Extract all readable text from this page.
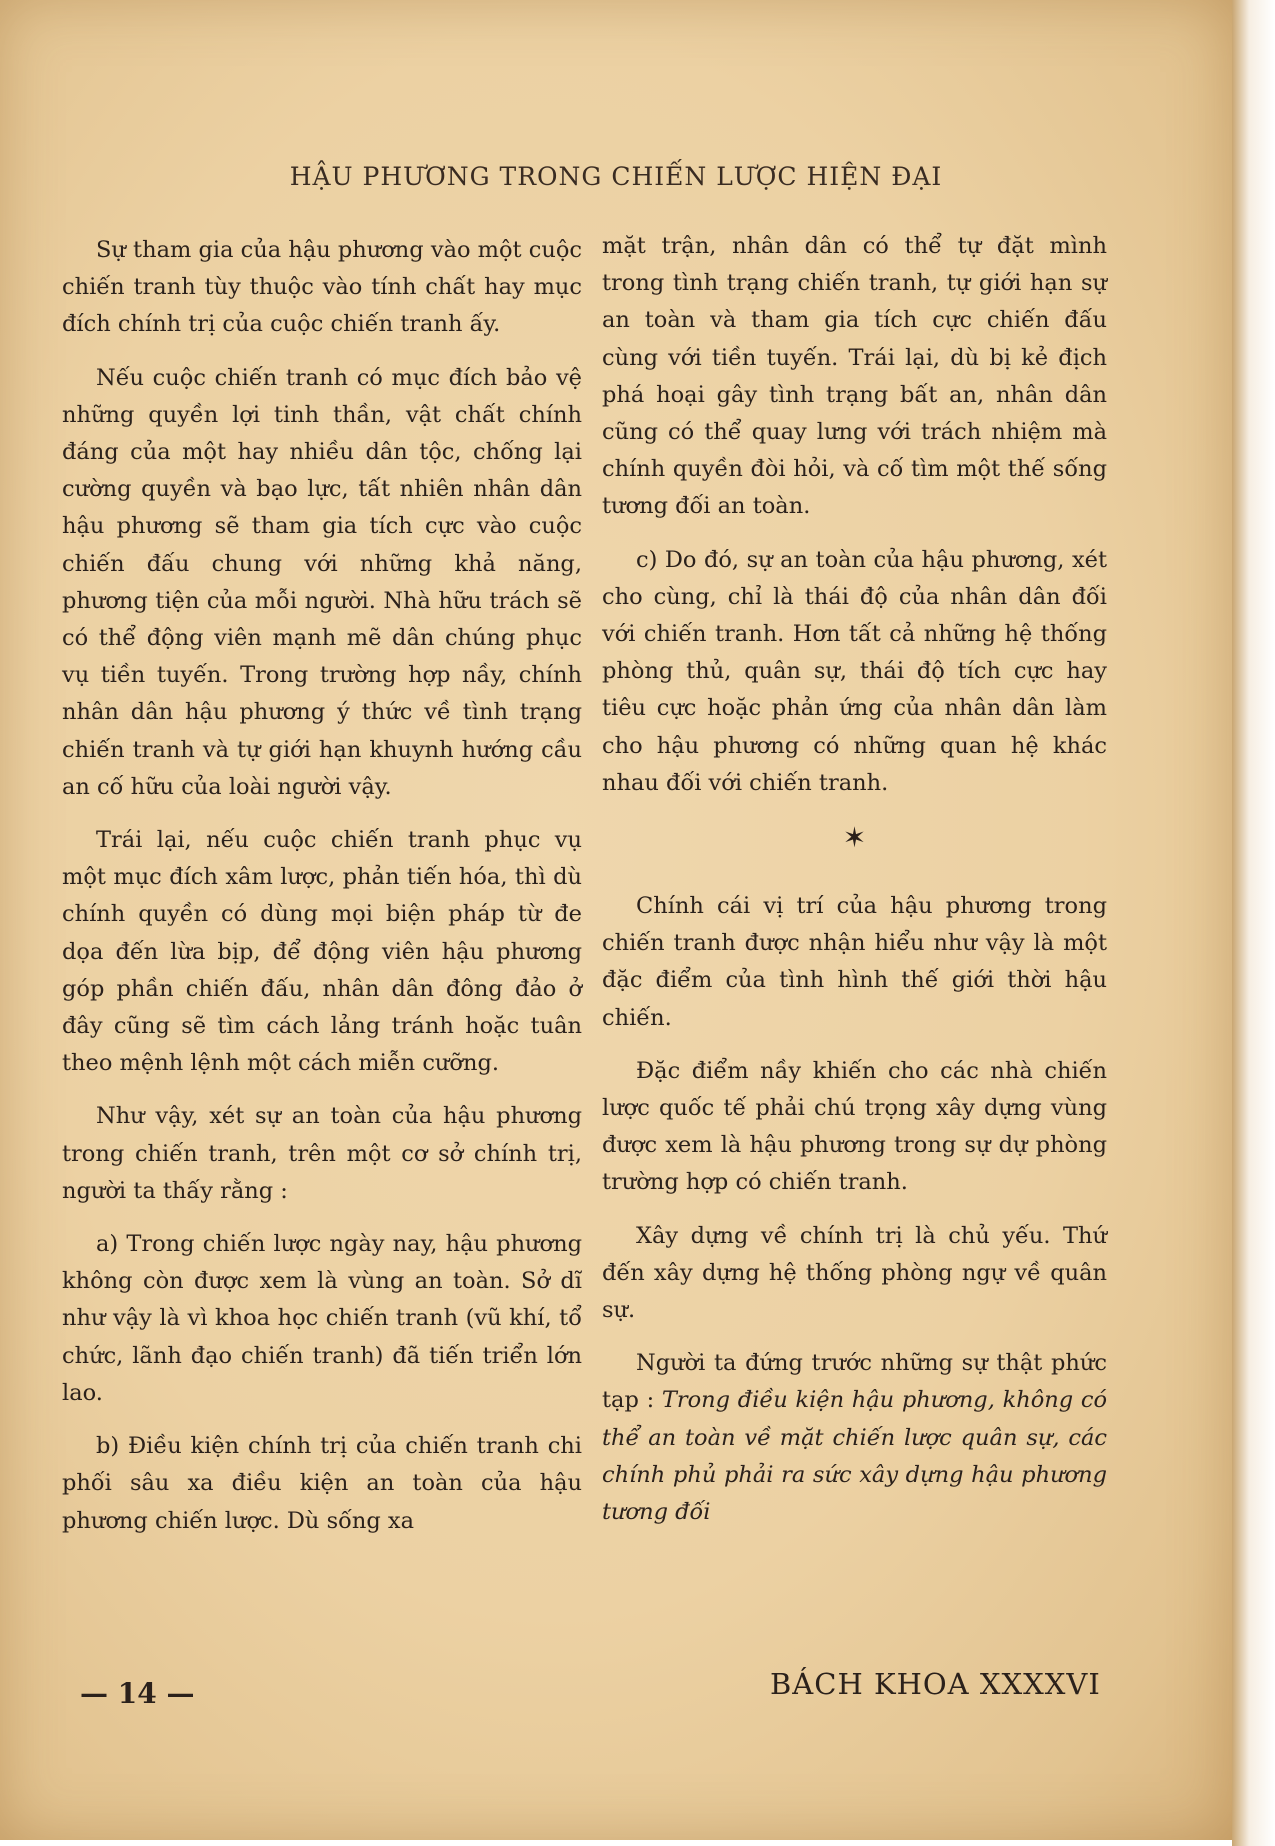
HẬU PHƯƠNG TRONG CHIẾN LƯỢC HIỆN ĐẠI

Sự tham gia của hậu phương vào một cuộc chiến tranh tùy thuộc vào tính chất hay mục đích chính trị của cuộc chiến tranh ấy.

Nếu cuộc chiến tranh có mục đích bảo vệ những quyền lợi tinh thần, vật chất chính đáng của một hay nhiều dân tộc, chống lại cường quyền và bạo lực, tất nhiên nhân dân hậu phương sẽ tham gia tích cực vào cuộc chiến đấu chung với những khả năng, phương tiện của mỗi người. Nhà hữu trách sẽ có thể động viên mạnh mẽ dân chúng phục vụ tiền tuyến. Trong trường hợp nầy, chính nhân dân hậu phương ý thức về tình trạng chiến tranh và tự giới hạn khuynh hướng cầu an cố hữu của loài người vậy.

Trái lại, nếu cuộc chiến tranh phục vụ một mục đích xâm lược, phản tiến hóa, thì dù chính quyền có dùng mọi biện pháp từ đe dọa đến lừa bịp, để động viên hậu phương góp phần chiến đấu, nhân dân đông đảo ở đây cũng sẽ tìm cách lảng tránh hoặc tuân theo mệnh lệnh một cách miễn cưỡng.

Như vậy, xét sự an toàn của hậu phương trong chiến tranh, trên một cơ sở chính trị, người ta thấy rằng :

a) Trong chiến lược ngày nay, hậu phương không còn được xem là vùng an toàn. Sở dĩ như vậy là vì khoa học chiến tranh (vũ khí, tổ chức, lãnh đạo chiến tranh) đã tiến triển lớn lao.

b) Điều kiện chính trị của chiến tranh chi phối sâu xa điều kiện an toàn của hậu phương chiến lược. Dù sống xa

mặt trận, nhân dân có thể tự đặt mình trong tình trạng chiến tranh, tự giới hạn sự an toàn và tham gia tích cực chiến đấu cùng với tiền tuyến. Trái lại, dù bị kẻ địch phá hoại gây tình trạng bất an, nhân dân cũng có thể quay lưng với trách nhiệm mà chính quyền đòi hỏi, và cố tìm một thế sống tương đối an toàn.

c) Do đó, sự an toàn của hậu phương, xét cho cùng, chỉ là thái độ của nhân dân đối với chiến tranh. Hơn tất cả những hệ thống phòng thủ, quân sự, thái độ tích cực hay tiêu cực hoặc phản ứng của nhân dân làm cho hậu phương có những quan hệ khác nhau đối với chiến tranh.

✶

Chính cái vị trí của hậu phương trong chiến tranh được nhận hiểu như vậy là một đặc điểm của tình hình thế giới thời hậu chiến.

Đặc điểm nầy khiến cho các nhà chiến lược quốc tế phải chú trọng xây dựng vùng được xem là hậu phương trong sự dự phòng trường hợp có chiến tranh.

Xây dựng về chính trị là chủ yếu. Thứ đến xây dựng hệ thống phòng ngự về quân sự.

Người ta đứng trước những sự thật phức tạp : Trong điều kiện hậu phương, không có thể an toàn về mặt chiến lược quân sự, các chính phủ phải ra sức xây dựng hậu phương tương đối

— 14 —	BÁCH KHOA XXXXVI
